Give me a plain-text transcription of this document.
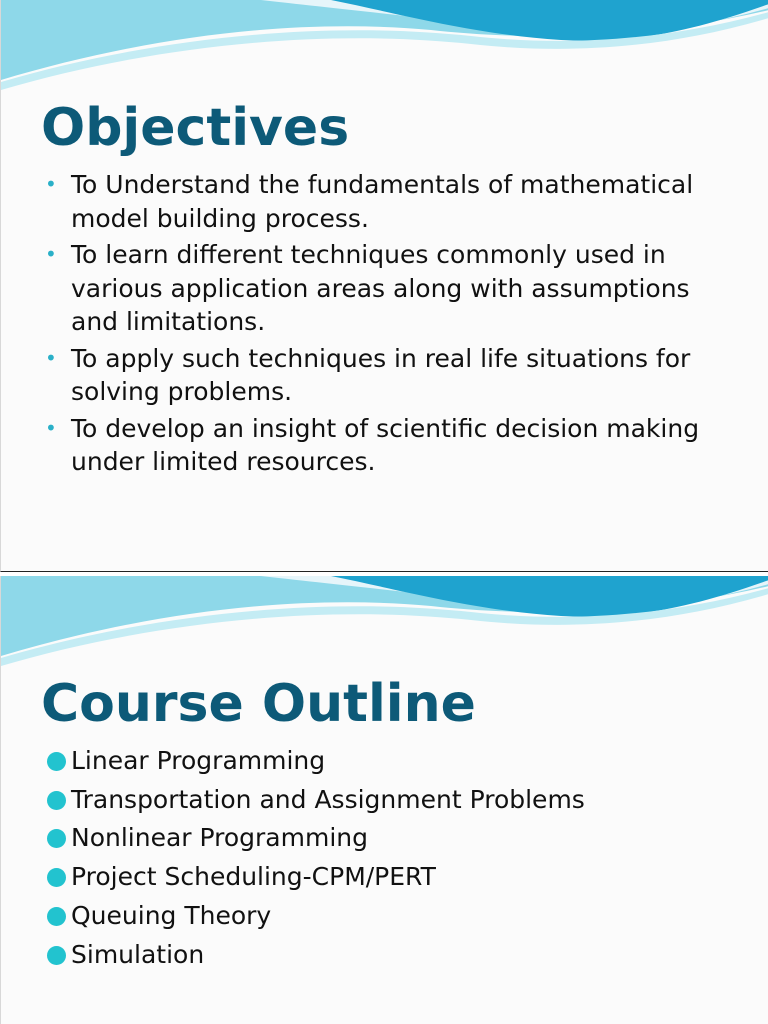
Objectives
• To Understand the fundamentals of mathematical model building process.
• To learn different techniques commonly used in various application areas along with assumptions and limitations.
• To apply such techniques in real life situations for solving problems.
• To develop an insight of scientific decision making under limited resources.
Course Outline
Linear Programming
Transportation and Assignment Problems
Nonlinear Programming
Project Scheduling-CPM/PERT
Queuing Theory
Simulation
